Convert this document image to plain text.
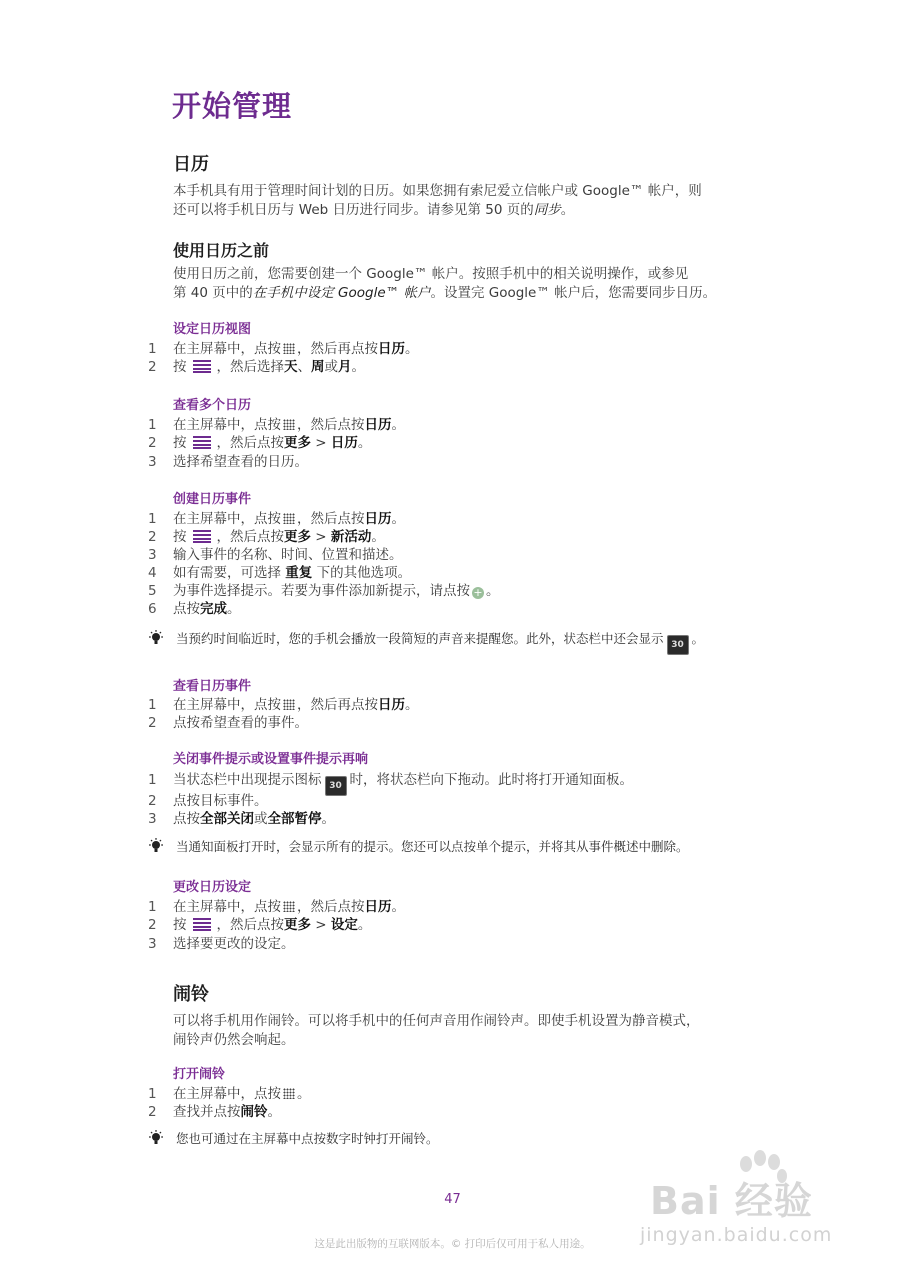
开始管理
日历
本手机具有用于管理时间计划的日历。如果您拥有索尼爱立信帐户或 Google™ 帐户，则
还可以将手机日历与 Web 日历进行同步。请参见第 50 页的同步。
使用日历之前
使用日历之前，您需要创建一个 Google™ 帐户。按照手机中的相关说明操作，或参见
第 40 页中的在手机中设定 Google™ 帐户。设置完 Google™ 帐户后，您需要同步日历。
设定日历视图
1 在主屏幕中，点按 ，然后再点按日历。
2 按 ，然后选择天、周或月。
查看多个日历
1 在主屏幕中，点按 ，然后点按日历。
2 按 ，然后点按更多 > 日历。
3 选择希望查看的日历。
创建日历事件
1 在主屏幕中，点按 ，然后点按日历。
2 按 ，然后点按更多 > 新活动。
3 输入事件的名称、时间、位置和描述。
4 如有需要，可选择 重复 下的其他选项。
5 为事件选择提示。若要为事件添加新提示，请点按 + 。
6 点按完成。
当预约时间临近时，您的手机会播放一段简短的声音来提醒您。此外，状态栏中还会显示 30 。
查看日历事件
1 在主屏幕中，点按 ，然后再点按日历。
2 点按希望查看的事件。
关闭事件提示或设置事件提示再响
1 当状态栏中出现提示图标 30 时，将状态栏向下拖动。此时将打开通知面板。
2 点按目标事件。
3 点按全部关闭或全部暂停。
当通知面板打开时，会显示所有的提示。您还可以点按单个提示，并将其从事件概述中删除。
更改日历设定
1 在主屏幕中，点按 ，然后点按日历。
2 按 ，然后点按更多 > 设定。
3 选择要更改的设定。
闹铃
可以将手机用作闹铃。可以将手机中的任何声音用作闹铃声。即使手机设置为静音模式，
闹铃声仍然会响起。
打开闹铃
1 在主屏幕中，点按 。
2 查找并点按闹铃。
您也可通过在主屏幕中点按数字时钟打开闹铃。
47
这是此出版物的互联网版本。© 打印后仅可用于私人用途。
Bai 经验
jingyan.baidu.com
